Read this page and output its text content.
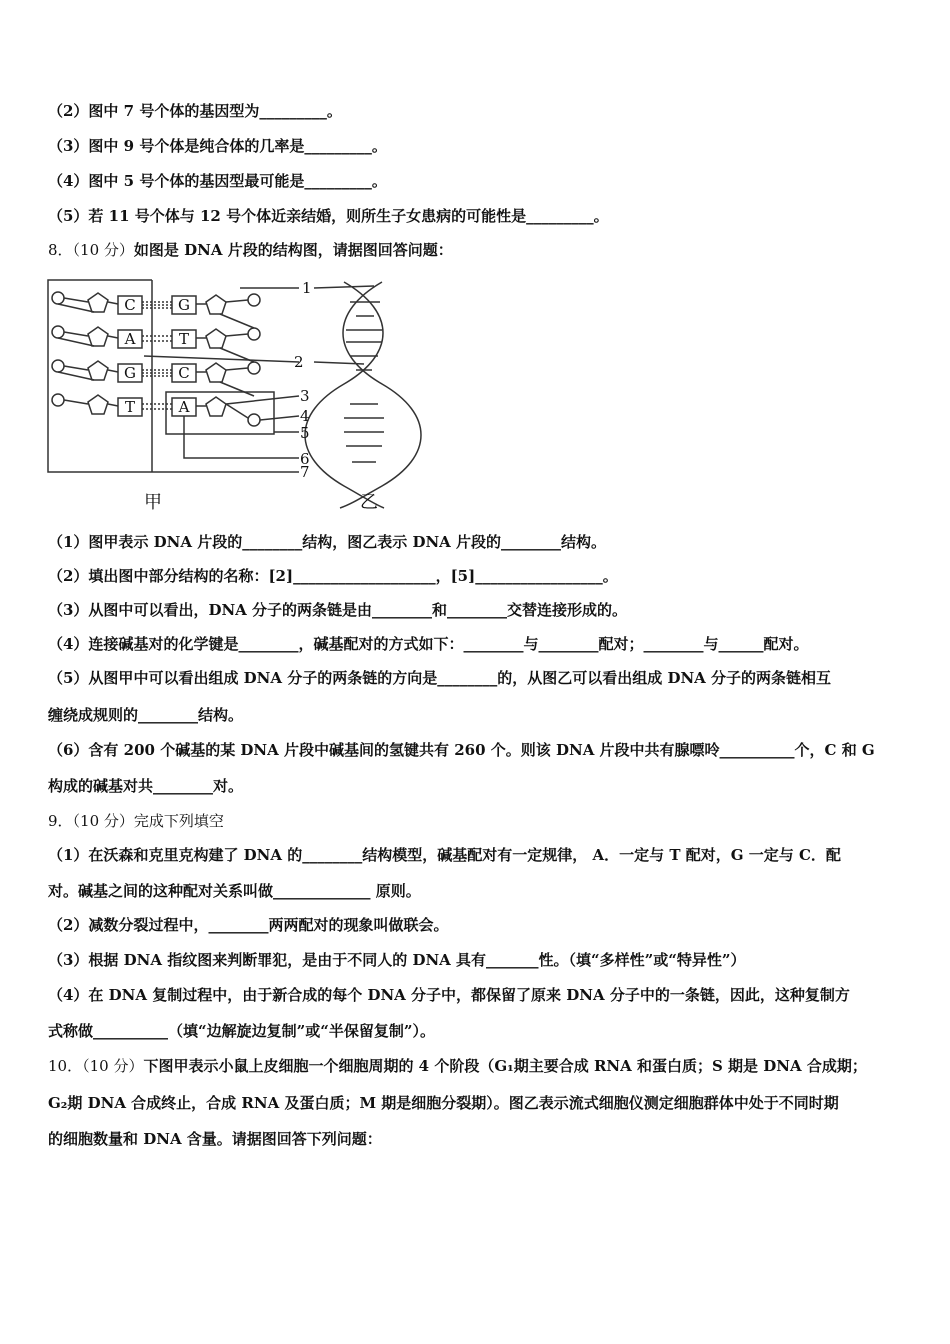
（2）图中 7 号个体的基因型为_________。
（3）图中 9 号个体是纯合体的几率是_________。
（4）图中 5 号个体的基因型最可能是_________。
（5）若 11 号个体与 12 号个体近亲结婚，则所生子女患病的可能性是_________。
8．（10 分）如图是 DNA 片段的结构图，请据图回答问题：
C
A
G
T
G
T
C
A
1
2
3
4
5
6
7
甲	乙
（1）图甲表示 DNA 片段的________结构，图乙表示 DNA 片段的________结构。
（2）填出图中部分结构的名称：[2]___________________，[5]_________________。
（3）从图中可以看出，DNA 分子的两条链是由________和________交替连接形成的。
（4）连接碱基对的化学键是________，碱基配对的方式如下：________与________配对；________与______配对。
（5）从图甲中可以看出组成 DNA 分子的两条链的方向是________的，从图乙可以看出组成 DNA 分子的两条链相互
缠绕成规则的________结构。
（6）含有 200 个碱基的某 DNA 片段中碱基间的氢键共有 260 个。则该 DNA 片段中共有腺嘌呤__________个，C 和 G
构成的碱基对共________对。
9．（10 分）完成下列填空
（1）在沃森和克里克构建了 DNA 的________结构模型，碱基配对有一定规律， A．一定与 T 配对，G 一定与 C．配
对。碱基之间的这种配对关系叫做_____________ 原则。
（2）减数分裂过程中，________两两配对的现象叫做联会。
（3）根据 DNA 指纹图来判断罪犯，是由于不同人的 DNA 具有_______性。（填“多样性”或“特异性”）
（4）在 DNA 复制过程中，由于新合成的每个 DNA 分子中，都保留了原来 DNA 分子中的一条链，因此，这种复制方
式称做__________（填“边解旋边复制”或“半保留复制”）。
10．（10 分）下图甲表示小鼠上皮细胞一个细胞周期的 4 个阶段（G₁期主要合成 RNA 和蛋白质；S 期是 DNA 合成期；
G₂期 DNA 合成终止，合成 RNA 及蛋白质；M 期是细胞分裂期）。图乙表示流式细胞仪测定细胞群体中处于不同时期
的细胞数量和 DNA 含量。请据图回答下列问题：
